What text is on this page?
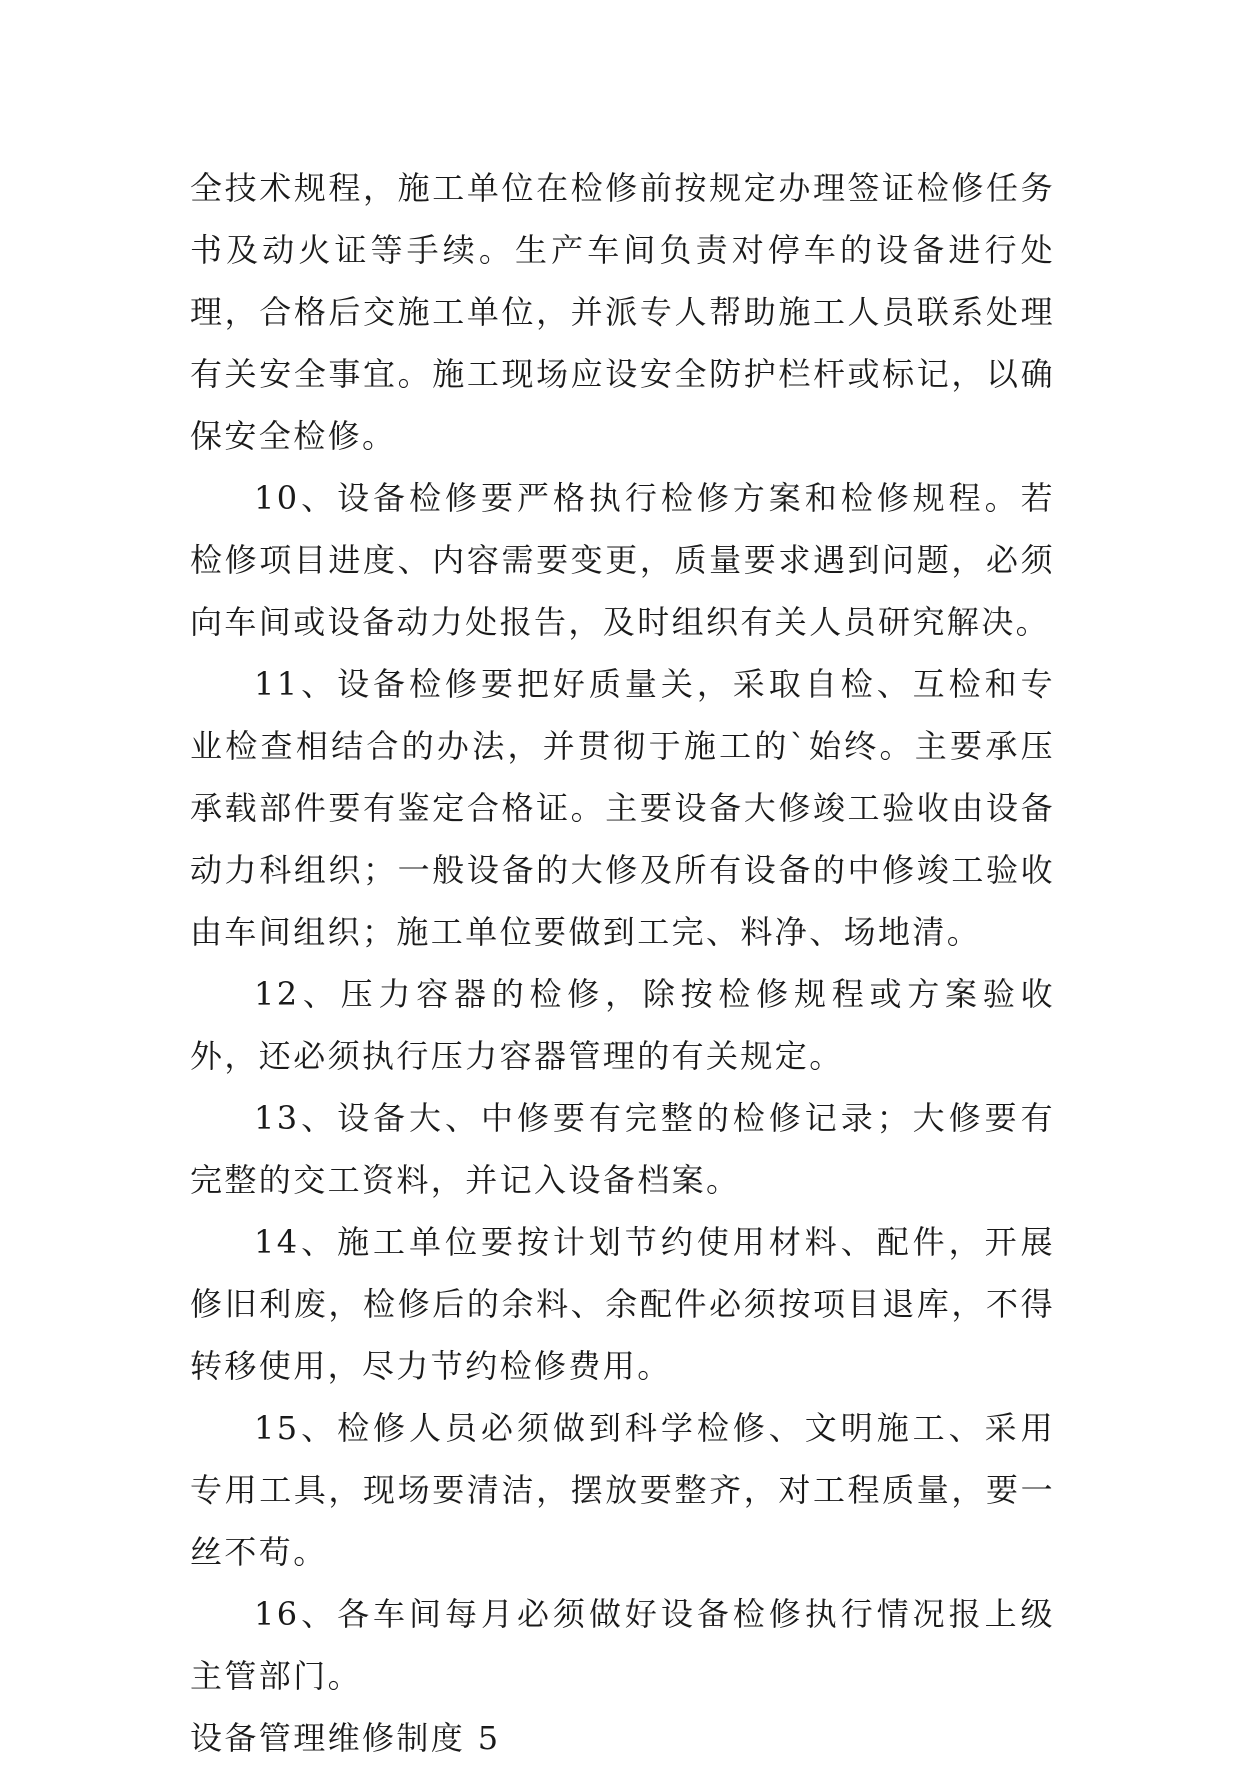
全技术规程，施工单位在检修前按规定办理签证检修任务书及动火证等手续。生产车间负责对停车的设备进行处理，合格后交施工单位，并派专人帮助施工人员联系处理有关安全事宜。施工现场应设安全防护栏杆或标记，以确保安全检修。

10、设备检修要严格执行检修方案和检修规程。若检修项目进度、内容需要变更，质量要求遇到问题，必须向车间或设备动力处报告，及时组织有关人员研究解决。

11、设备检修要把好质量关，采取自检、互检和专业检查相结合的办法，并贯彻于施工的`始终。主要承压承载部件要有鉴定合格证。主要设备大修竣工验收由设备动力科组织；一般设备的大修及所有设备的中修竣工验收由车间组织；施工单位要做到工完、料净、场地清。

12、压力容器的检修，除按检修规程或方案验收外，还必须执行压力容器管理的有关规定。

13、设备大、中修要有完整的检修记录；大修要有完整的交工资料，并记入设备档案。

14、施工单位要按计划节约使用材料、配件，开展修旧利废，检修后的余料、余配件必须按项目退库，不得转移使用，尽力节约检修费用。

15、检修人员必须做到科学检修、文明施工、采用专用工具，现场要清洁，摆放要整齐，对工程质量，要一丝不苟。

16、各车间每月必须做好设备检修执行情况报上级主管部门。

设备管理维修制度 5
